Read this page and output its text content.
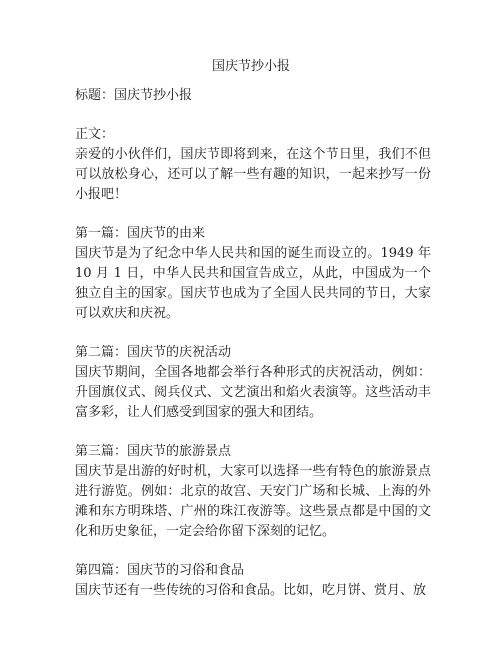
国庆节抄小报

标题：国庆节抄小报

正文：

亲爱的小伙伴们，国庆节即将到来，在这个节日里，我们不但可以放松身心，还可以了解一些有趣的知识，一起来抄写一份小报吧！

第一篇：国庆节的由来

国庆节是为了纪念中华人民共和国的诞生而设立的。1949 年 10 月 1 日，中华人民共和国宣告成立，从此，中国成为一个独立自主的国家。国庆节也成为了全国人民共同的节日，大家可以欢庆和庆祝。

第二篇：国庆节的庆祝活动

国庆节期间，全国各地都会举行各种形式的庆祝活动，例如：升国旗仪式、阅兵仪式、文艺演出和焰火表演等。这些活动丰富多彩，让人们感受到国家的强大和团结。

第三篇：国庆节的旅游景点

国庆节是出游的好时机，大家可以选择一些有特色的旅游景点进行游览。例如：北京的故宫、天安门广场和长城、上海的外滩和东方明珠塔、广州的珠江夜游等。这些景点都是中国的文化和历史象征，一定会给你留下深刻的记忆。

第四篇：国庆节的习俗和食品

国庆节还有一些传统的习俗和食品。比如，吃月饼、赏月、放
